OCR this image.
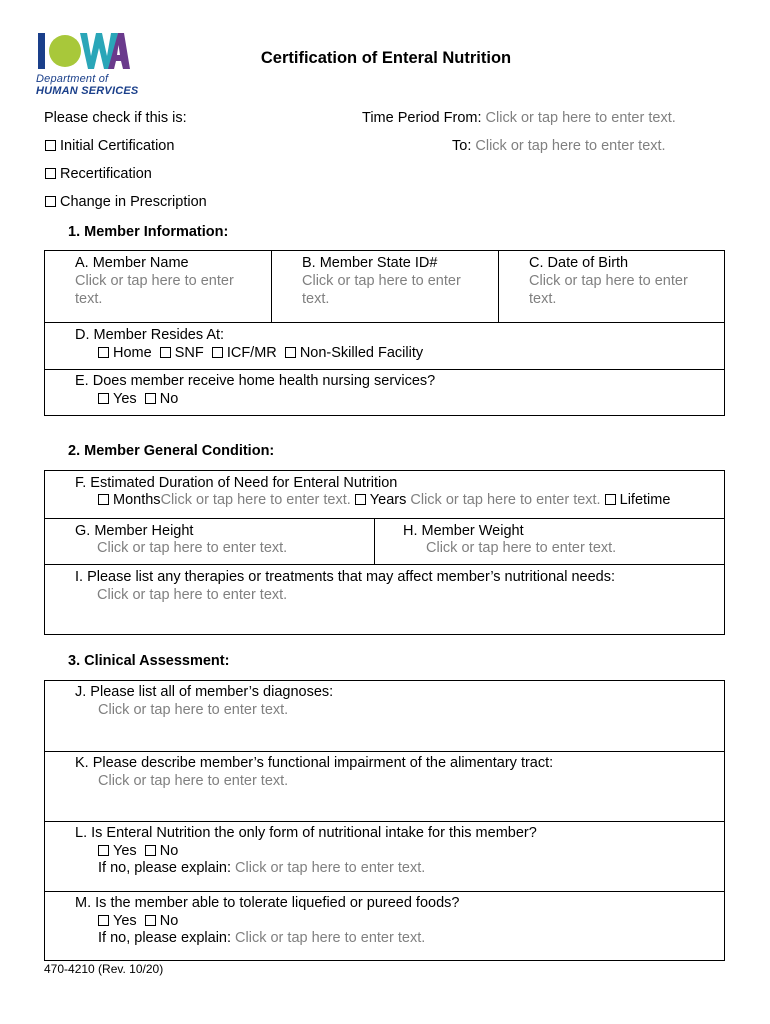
Department of
HUMAN SERVICES
Certification of Enteral Nutrition
Please check if this is:
Initial Certification
Recertification
Change in Prescription
Time Period From: Click or tap here to enter text.
To: Click or tap here to enter text.
1. Member Information:
A. Member Name
Click or tap here to enter text.
B. Member State ID#
Click or tap here to enter text.
C. Date of Birth
Click or tap here to enter text.
D. Member Resides At:
Home SNF ICF/MR Non-Skilled Facility
E. Does member receive home health nursing services?
Yes No
2. Member General Condition:
F. Estimated Duration of Need for Enteral Nutrition
MonthsClick or tap here to enter text. Years Click or tap here to enter text. Lifetime
G. Member Height
Click or tap here to enter text.
H. Member Weight
Click or tap here to enter text.
I. Please list any therapies or treatments that may affect member’s nutritional needs:
Click or tap here to enter text.
3. Clinical Assessment:
J. Please list all of member’s diagnoses:
Click or tap here to enter text.
K. Please describe member’s functional impairment of the alimentary tract:
Click or tap here to enter text.
L. Is Enteral Nutrition the only form of nutritional intake for this member?
Yes No
If no, please explain: Click or tap here to enter text.
M. Is the member able to tolerate liquefied or pureed foods?
Yes No
If no, please explain: Click or tap here to enter text.
470-4210 (Rev. 10/20)
